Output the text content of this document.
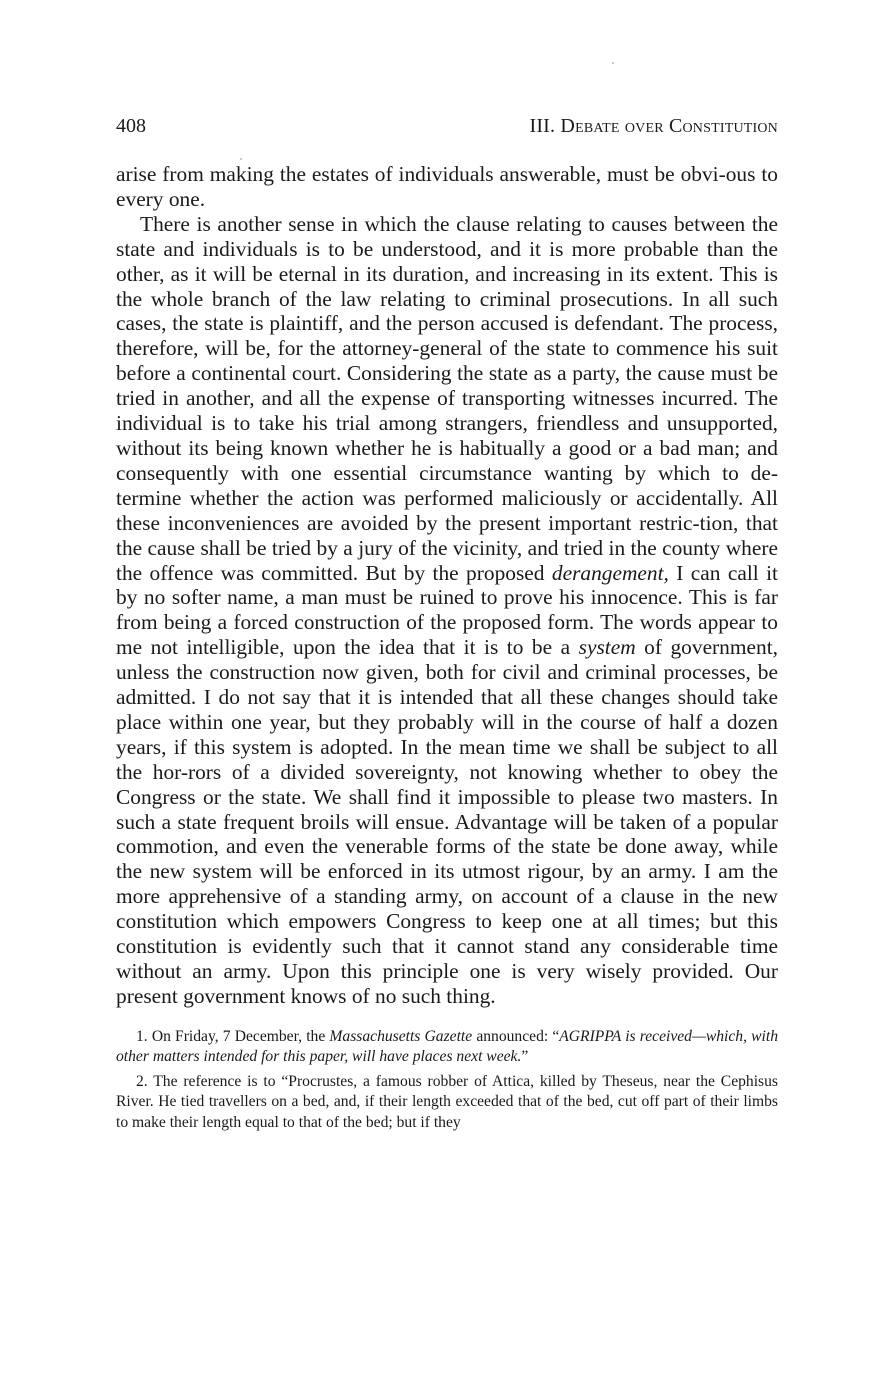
408	III. Debate over Constitution

arise from making the estates of individuals answerable, must be obvi-ous to every one.

There is another sense in which the clause relating to causes between the state and individuals is to be understood, and it is more probable than the other, as it will be eternal in its duration, and increasing in its extent. This is the whole branch of the law relating to criminal prosecutions. In all such cases, the state is plaintiff, and the person accused is defendant. The process, therefore, will be, for the attorney-general of the state to commence his suit before a continental court. Considering the state as a party, the cause must be tried in another, and all the expense of transporting witnesses incurred. The individual is to take his trial among strangers, friendless and unsupported, without its being known whether he is habitually a good or a bad man; and consequently with one essential circumstance wanting by which to de-termine whether the action was performed maliciously or accidentally. All these inconveniences are avoided by the present important restric-tion, that the cause shall be tried by a jury of the vicinity, and tried in the county where the offence was committed. But by the proposed derangement, I can call it by no softer name, a man must be ruined to prove his innocence. This is far from being a forced construction of the proposed form. The words appear to me not intelligible, upon the idea that it is to be a system of government, unless the construction now given, both for civil and criminal processes, be admitted. I do not say that it is intended that all these changes should take place within one year, but they probably will in the course of half a dozen years, if this system is adopted. In the mean time we shall be subject to all the hor-rors of a divided sovereignty, not knowing whether to obey the Congress or the state. We shall find it impossible to please two masters. In such a state frequent broils will ensue. Advantage will be taken of a popular commotion, and even the venerable forms of the state be done away, while the new system will be enforced in its utmost rigour, by an army. I am the more apprehensive of a standing army, on account of a clause in the new constitution which empowers Congress to keep one at all times; but this constitution is evidently such that it cannot stand any considerable time without an army. Upon this principle one is very wisely provided. Our present government knows of no such thing.

1. On Friday, 7 December, the Massachusetts Gazette announced: “AGRIPPA is received—which, with other matters intended for this paper, will have places next week.”

2. The reference is to “Procrustes, a famous robber of Attica, killed by Theseus, near the Cephisus River. He tied travellers on a bed, and, if their length exceeded that of the bed, cut off part of their limbs to make their length equal to that of the bed; but if they
